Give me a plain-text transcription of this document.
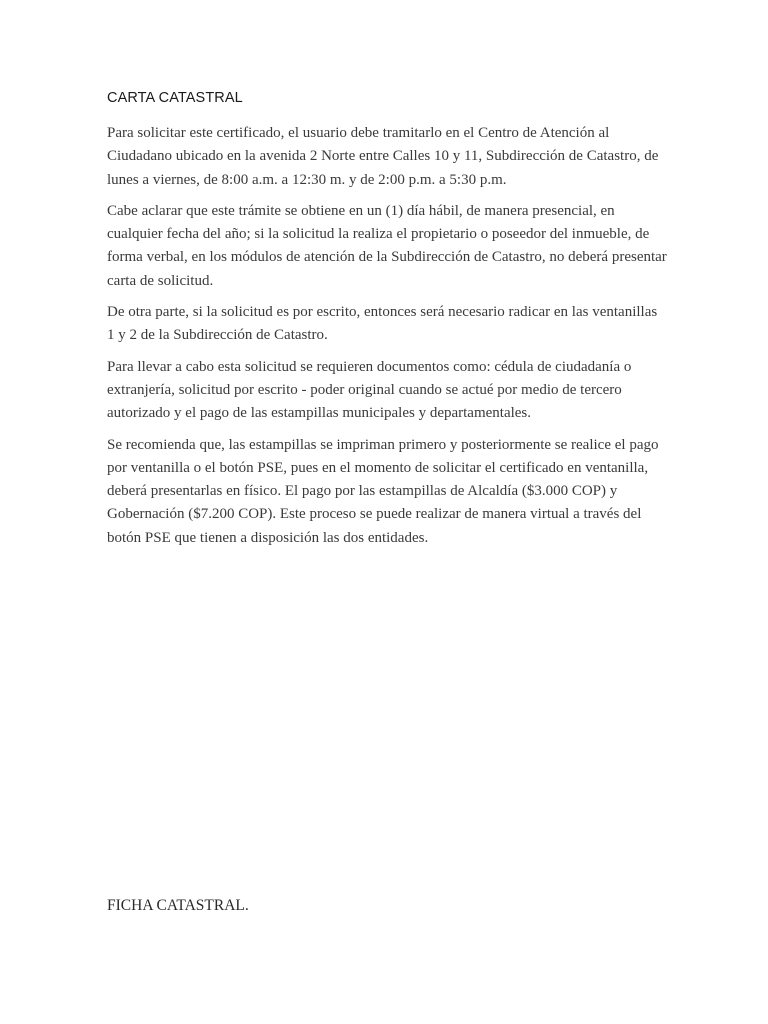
CARTA CATASTRAL

Para solicitar este certificado, el usuario debe tramitarlo en el Centro de Atención al Ciudadano ubicado en la avenida 2 Norte entre Calles 10 y 11, Subdirección de Catastro, de lunes a viernes, de 8:00 a.m. a 12:30 m. y de 2:00 p.m. a 5:30 p.m.

Cabe aclarar que este trámite se obtiene en un (1) día hábil, de manera presencial, en cualquier fecha del año; si la solicitud la realiza el propietario o poseedor del inmueble, de forma verbal, en los módulos de atención de la Subdirección de Catastro, no deberá presentar carta de solicitud.

De otra parte, si la solicitud es por escrito, entonces será necesario radicar en las ventanillas 1 y 2 de la Subdirección de Catastro.

Para llevar a cabo esta solicitud se requieren documentos como: cédula de ciudadanía o extranjería, solicitud por escrito - poder original cuando se actué por medio de tercero autorizado y el pago de las estampillas municipales y departamentales.

Se recomienda que, las estampillas se impriman primero y posteriormente se realice el pago por ventanilla o el botón PSE, pues en el momento de solicitar el certificado en ventanilla, deberá presentarlas en físico. El pago por las estampillas de Alcaldía ($3.000 COP) y Gobernación ($7.200 COP). Este proceso se puede realizar de manera virtual a través del botón PSE que tienen a disposición las dos entidades.

FICHA CATASTRAL.
